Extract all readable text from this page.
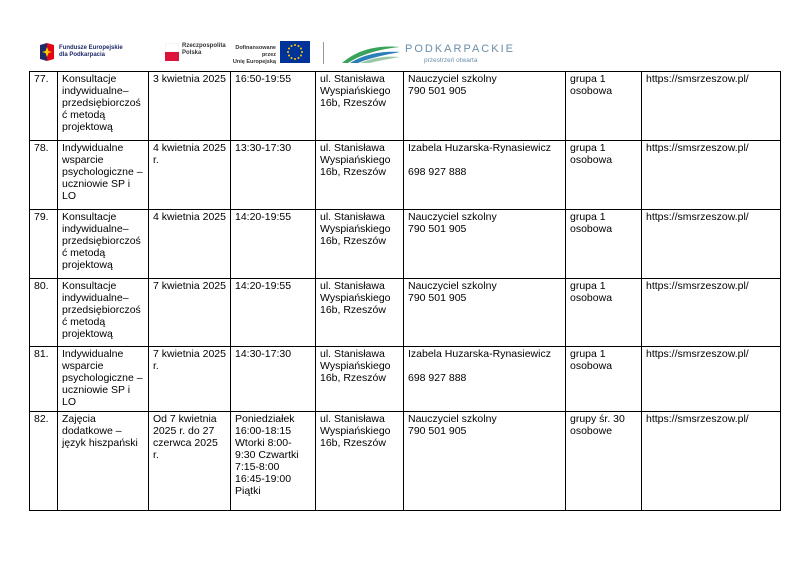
Fundusze Europejskie
dla Podkarpacia
Rzeczpospolita
Polska
Dofinansowane przez
Unię Europejską
PODKARPACKIE
przestrzeń otwarta
77.	Konsultacje indywidualne–przedsiębiorczość metodą projektową	3 kwietnia 2025	16:50-19:55	ul. Stanisława Wyspiańskiego 16b, Rzeszów	Nauczyciel szkolny
790 501 905	grupa 1 osobowa	https://smsrzeszow.pl/
78.	Indywidualne wsparcie psychologiczne – uczniowie SP i LO	4 kwietnia 2025 r.	13:30-17:30	ul. Stanisława Wyspiańskiego 16b, Rzeszów	Izabela Huzarska-Rynasiewicz
698 927 888	grupa 1 osobowa	https://smsrzeszow.pl/
79.	Konsultacje indywidualne–przedsiębiorczość metodą projektową	4 kwietnia 2025	14:20-19:55	ul. Stanisława Wyspiańskiego 16b, Rzeszów	Nauczyciel szkolny
790 501 905	grupa 1 osobowa	https://smsrzeszow.pl/
80.	Konsultacje indywidualne–przedsiębiorczość metodą projektową	7 kwietnia 2025	14:20-19:55	ul. Stanisława Wyspiańskiego 16b, Rzeszów	Nauczyciel szkolny
790 501 905	grupa 1 osobowa	https://smsrzeszow.pl/
81.	Indywidualne wsparcie psychologiczne – uczniowie SP i LO	7 kwietnia 2025 r.	14:30-17:30	ul. Stanisława Wyspiańskiego 16b, Rzeszów	Izabela Huzarska-Rynasiewicz
698 927 888	grupa 1 osobowa	https://smsrzeszow.pl/
82.	Zajęcia dodatkowe – język hiszpański	Od 7 kwietnia 2025 r. do 27 czerwca 2025 r.	Poniedziałek 16:00-18:15 Wtorki 8:00-9:30 Czwartki 7:15-8:00 16:45-19:00 Piątki	ul. Stanisława Wyspiańskiego 16b, Rzeszów	Nauczyciel szkolny
790 501 905	grupy śr. 30 osobowe	https://smsrzeszow.pl/
